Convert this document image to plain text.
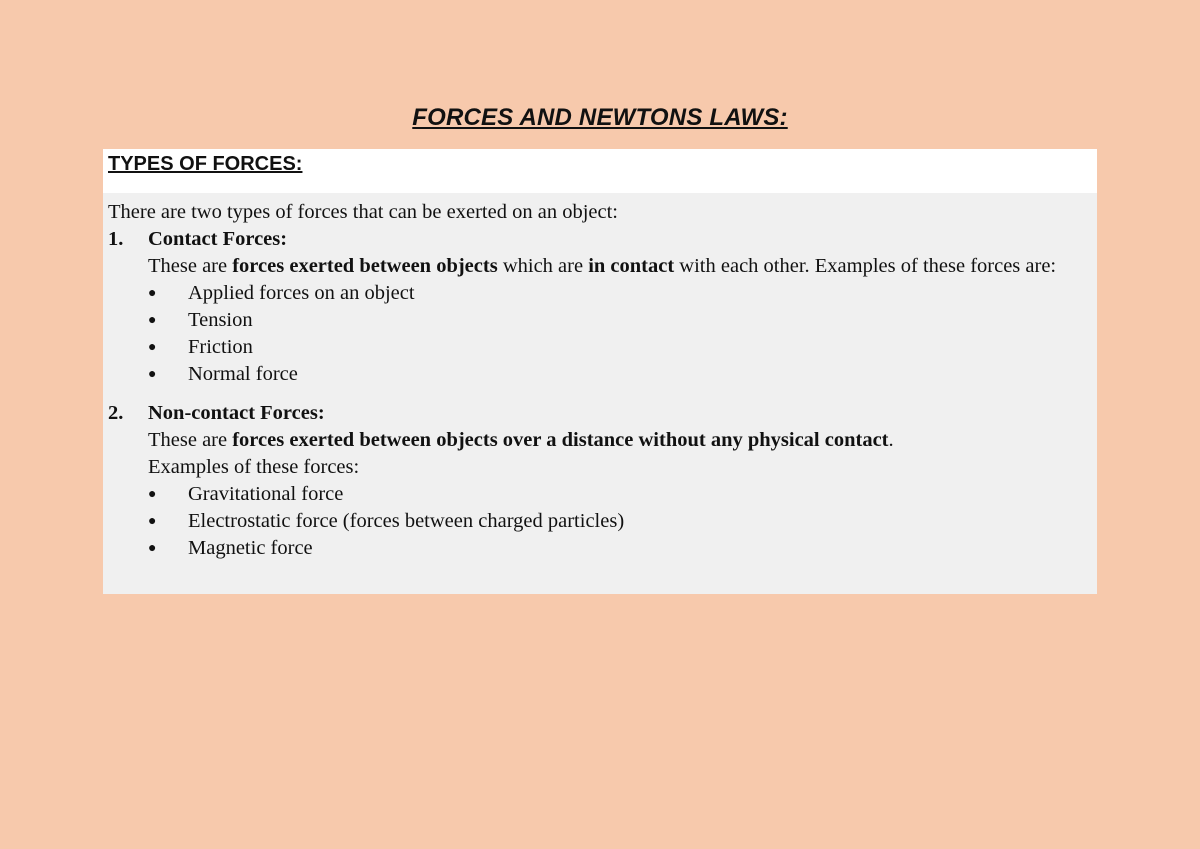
FORCES AND NEWTONS LAWS:
TYPES OF FORCES:

There are two types of forces that can be exerted on an object:

1.	Contact Forces:

These are forces exerted between objects which are in contact with each other. Examples of these forces are:

●	Applied forces on an object
●	Tension
●	Friction
●	Normal force
2.	Non-contact Forces:

These are forces exerted between objects over a distance without any physical contact.

Examples of these forces:

●	Gravitational force
●	Electrostatic force (forces between charged particles)
●	Magnetic force
